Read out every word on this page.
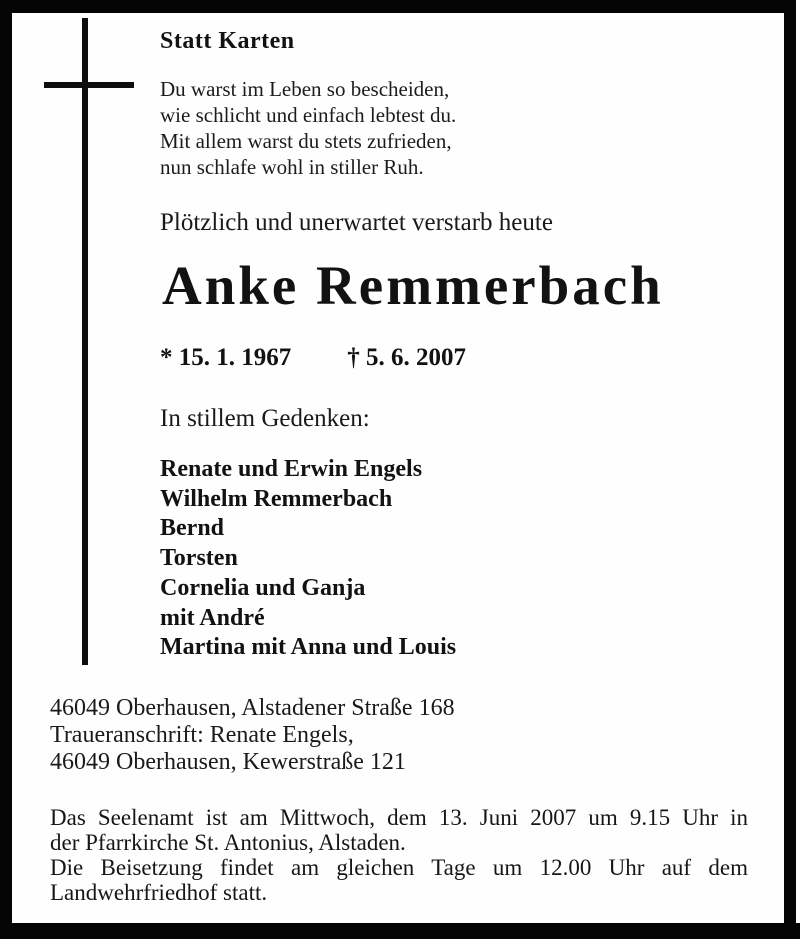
Statt Karten
Du warst im Leben so bescheiden,
wie schlicht und einfach lebtest du.
Mit allem warst du stets zufrieden,
nun schlafe wohl in stiller Ruh.
Plötzlich und unerwartet verstarb heute
Anke Remmerbach
* 15. 1. 1967 † 5. 6. 2007
In stillem Gedenken:
Renate und Erwin Engels
Wilhelm Remmerbach
Bernd
Torsten
Cornelia und Ganja
mit André
Martina mit Anna und Louis
46049 Oberhausen, Alstadener Straße 168
Traueranschrift: Renate Engels,
46049 Oberhausen, Kewerstraße 121
Das Seelenamt ist am Mittwoch, dem 13. Juni 2007 um 9.15 Uhr in
der Pfarrkirche St. Antonius, Alstaden.
Die Beisetzung findet am gleichen Tage um 12.00 Uhr auf dem
Landwehrfriedhof statt.
